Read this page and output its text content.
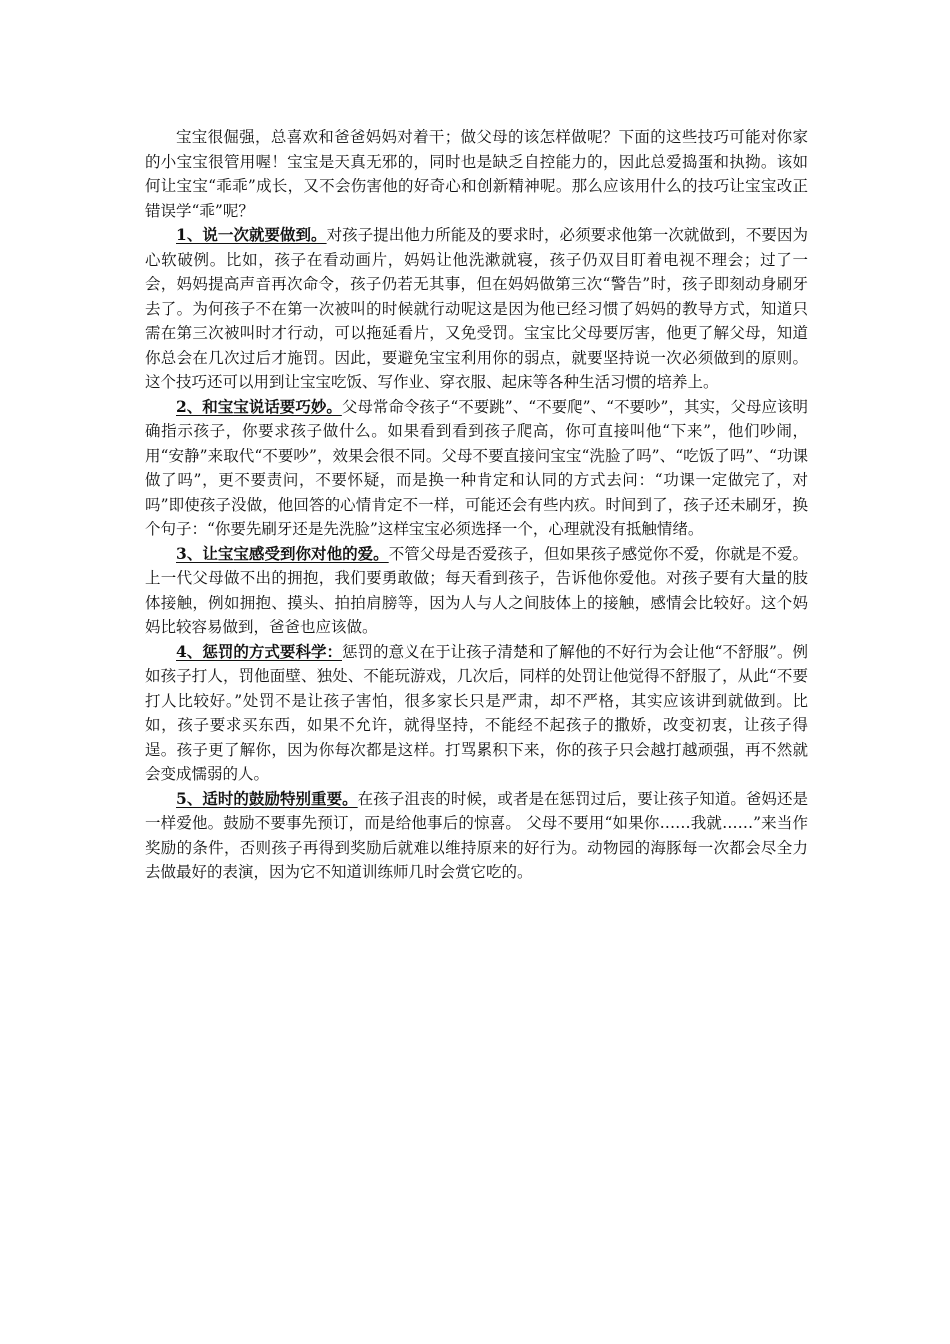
宝宝很倔强，总喜欢和爸爸妈妈对着干；做父母的该怎样做呢？下面的这些技巧可能对你家的小宝宝很管用喔！宝宝是天真无邪的，同时也是缺乏自控能力的，因此总爱捣蛋和执拗。该如何让宝宝“乖乖”成长，又不会伤害他的好奇心和创新精神呢。那么应该用什么的技巧让宝宝改正错误学“乖”呢？

1、说一次就要做到。对孩子提出他力所能及的要求时，必须要求他第一次就做到，不要因为心软破例。比如，孩子在看动画片，妈妈让他洗漱就寝，孩子仍双目盯着电视不理会；过了一会，妈妈提高声音再次命令，孩子仍若无其事，但在妈妈做第三次“警告”时，孩子即刻动身刷牙去了。为何孩子不在第一次被叫的时候就行动呢这是因为他已经习惯了妈妈的教导方式，知道只需在第三次被叫时才行动，可以拖延看片，又免受罚。宝宝比父母要厉害，他更了解父母，知道你总会在几次过后才施罚。因此，要避免宝宝利用你的弱点，就要坚持说一次必须做到的原则。这个技巧还可以用到让宝宝吃饭、写作业、穿衣服、起床等各种生活习惯的培养上。

2、和宝宝说话要巧妙。父母常命令孩子“不要跳”、“不要爬”、“不要吵”，其实，父母应该明确指示孩子，你要求孩子做什么。如果看到看到孩子爬高，你可直接叫他“下来”，他们吵闹，用“安静”来取代“不要吵”，效果会很不同。父母不要直接问宝宝“洗脸了吗”、“吃饭了吗”、“功课做了吗”，更不要责问，不要怀疑，而是换一种肯定和认同的方式去问：“功课一定做完了，对吗”即使孩子没做，他回答的心情肯定不一样，可能还会有些内疚。时间到了，孩子还未刷牙，换个句子：“你要先刷牙还是先洗脸”这样宝宝必须选择一个，心理就没有抵触情绪。

3、让宝宝感受到你对他的爱。不管父母是否爱孩子，但如果孩子感觉你不爱，你就是不爱。上一代父母做不出的拥抱，我们要勇敢做；每天看到孩子，告诉他你爱他。对孩子要有大量的肢体接触，例如拥抱、摸头、拍拍肩膀等，因为人与人之间肢体上的接触，感情会比较好。这个妈妈比较容易做到，爸爸也应该做。

4、惩罚的方式要科学：惩罚的意义在于让孩子清楚和了解他的不好行为会让他“不舒服”。例如孩子打人，罚他面壁、独处、不能玩游戏，几次后，同样的处罚让他觉得不舒服了，从此“不要打人比较好。”处罚不是让孩子害怕，很多家长只是严肃，却不严格，其实应该讲到就做到。比如，孩子要求买东西，如果不允许，就得坚持，不能经不起孩子的撒娇，改变初衷，让孩子得逞。孩子更了解你，因为你每次都是这样。打骂累积下来，你的孩子只会越打越顽强，再不然就会变成懦弱的人。

5、适时的鼓励特别重要。在孩子沮丧的时候，或者是在惩罚过后，要让孩子知道。爸妈还是一样爱他。鼓励不要事先预订，而是给他事后的惊喜。 父母不要用“如果你……我就……”来当作奖励的条件，否则孩子再得到奖励后就难以维持原来的好行为。动物园的海豚每一次都会尽全力去做最好的表演，因为它不知道训练师几时会赏它吃的。
